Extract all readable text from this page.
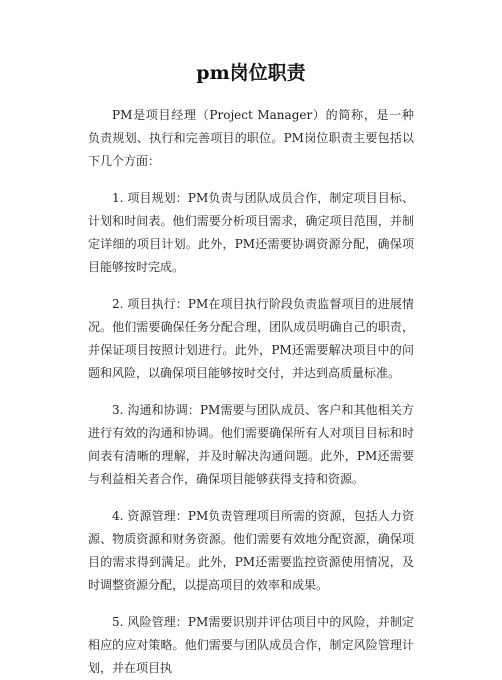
pm岗位职责

PM是项目经理（Project Manager）的简称，是一种负责规划、执行和完善项目的职位。PM岗位职责主要包括以下几个方面：

1. 项目规划：PM负责与团队成员合作，制定项目目标、计划和时间表。他们需要分析项目需求，确定项目范围，并制定详细的项目计划。此外，PM还需要协调资源分配，确保项目能够按时完成。

2. 项目执行：PM在项目执行阶段负责监督项目的进展情况。他们需要确保任务分配合理，团队成员明确自己的职责，并保证项目按照计划进行。此外，PM还需要解决项目中的问题和风险，以确保项目能够按时交付，并达到高质量标准。

3. 沟通和协调：PM需要与团队成员、客户和其他相关方进行有效的沟通和协调。他们需要确保所有人对项目目标和时间表有清晰的理解，并及时解决沟通问题。此外，PM还需要与利益相关者合作，确保项目能够获得支持和资源。

4. 资源管理：PM负责管理项目所需的资源，包括人力资源、物质资源和财务资源。他们需要有效地分配资源，确保项目的需求得到满足。此外，PM还需要监控资源使用情况，及时调整资源分配，以提高项目的效率和成果。

5. 风险管理：PM需要识别并评估项目中的风险，并制定相应的应对策略。他们需要与团队成员合作，制定风险管理计划，并在项目执
